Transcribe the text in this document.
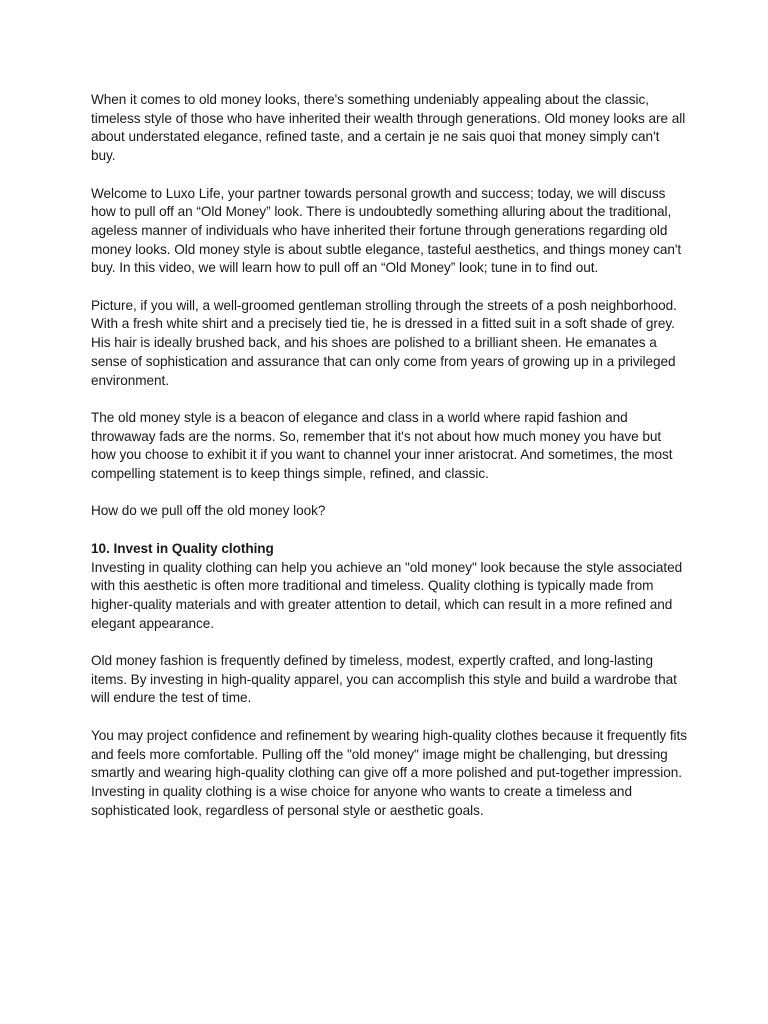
When it comes to old money looks, there's something undeniably appealing about the classic, timeless style of those who have inherited their wealth through generations. Old money looks are all about understated elegance, refined taste, and a certain je ne sais quoi that money simply can't buy.

Welcome to Luxo Life, your partner towards personal growth and success; today, we will discuss how to pull off an “Old Money” look. There is undoubtedly something alluring about the traditional, ageless manner of individuals who have inherited their fortune through generations regarding old money looks. Old money style is about subtle elegance, tasteful aesthetics, and things money can't buy. In this video, we will learn how to pull off an “Old Money” look; tune in to find out.

Picture, if you will, a well-groomed gentleman strolling through the streets of a posh neighborhood. With a fresh white shirt and a precisely tied tie, he is dressed in a fitted suit in a soft shade of grey. His hair is ideally brushed back, and his shoes are polished to a brilliant sheen. He emanates a sense of sophistication and assurance that can only come from years of growing up in a privileged environment.

The old money style is a beacon of elegance and class in a world where rapid fashion and throwaway fads are the norms. So, remember that it's not about how much money you have but how you choose to exhibit it if you want to channel your inner aristocrat. And sometimes, the most compelling statement is to keep things simple, refined, and classic.

How do we pull off the old money look?

10. Invest in Quality clothing

Investing in quality clothing can help you achieve an "old money" look because the style associated with this aesthetic is often more traditional and timeless. Quality clothing is typically made from higher-quality materials and with greater attention to detail, which can result in a more refined and elegant appearance.

Old money fashion is frequently defined by timeless, modest, expertly crafted, and long-lasting items. By investing in high-quality apparel, you can accomplish this style and build a wardrobe that will endure the test of time.

You may project confidence and refinement by wearing high-quality clothes because it frequently fits and feels more comfortable. Pulling off the "old money" image might be challenging, but dressing smartly and wearing high-quality clothing can give off a more polished and put-together impression. Investing in quality clothing is a wise choice for anyone who wants to create a timeless and sophisticated look, regardless of personal style or aesthetic goals.
